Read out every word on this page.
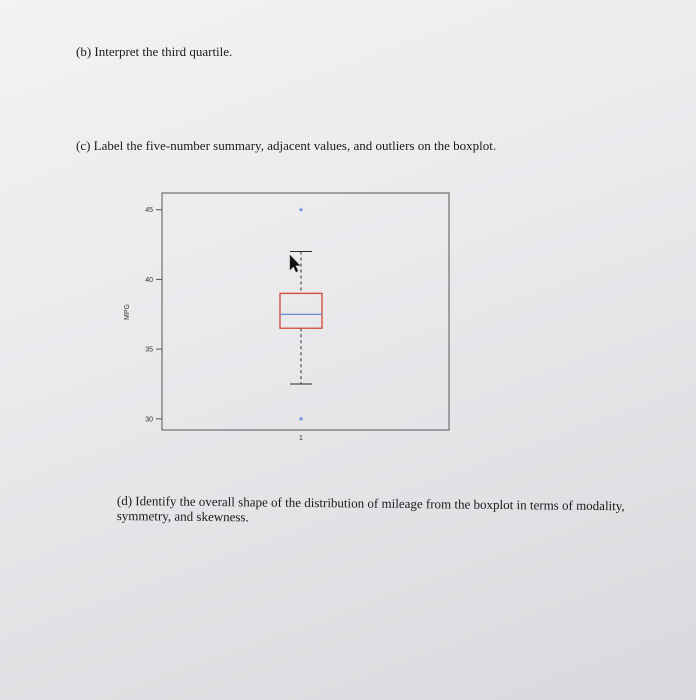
(b) Interpret the third quartile.
(c) Label the five-number summary, adjacent values, and outliers on the boxplot.
(d) Identify the overall shape of the distribution of mileage from the boxplot in terms of modality, symmetry, and skewness.
MPG
30
35
40
45
1
